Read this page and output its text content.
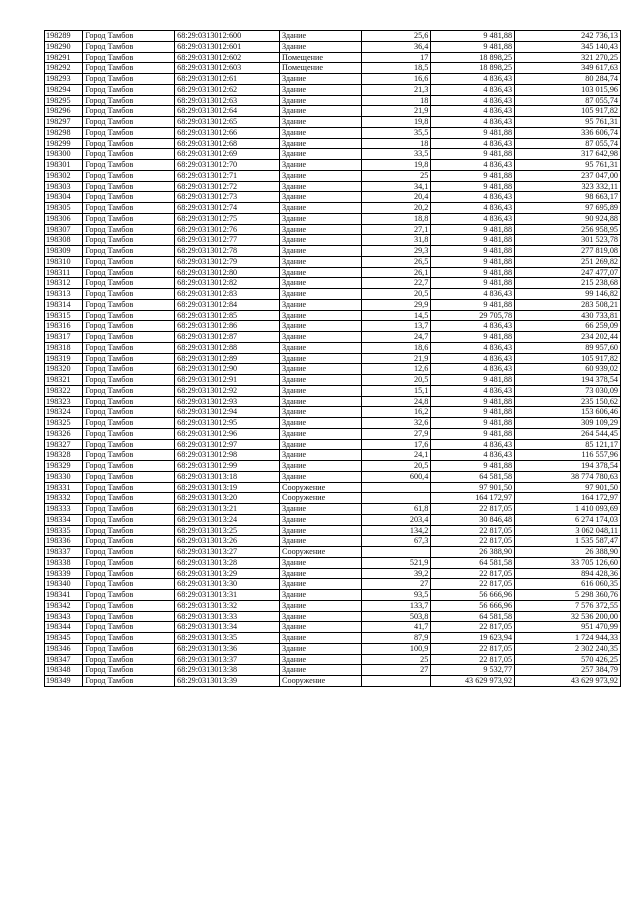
198289	Город Тамбов	68:29:0313012:600	Здание	25,6	9 481,88	242 736,13
198290	Город Тамбов	68:29:0313012:601	Здание	36,4	9 481,88	345 140,43
198291	Город Тамбов	68:29:0313012:602	Помещение	17	18 898,25	321 270,25
198292	Город Тамбов	68:29:0313012:603	Помещение	18,5	18 898,25	349 617,63
198293	Город Тамбов	68:29:0313012:61	Здание	16,6	4 836,43	80 284,74
198294	Город Тамбов	68:29:0313012:62	Здание	21,3	4 836,43	103 015,96
198295	Город Тамбов	68:29:0313012:63	Здание	18	4 836,43	87 055,74
198296	Город Тамбов	68:29:0313012:64	Здание	21,9	4 836,43	105 917,82
198297	Город Тамбов	68:29:0313012:65	Здание	19,8	4 836,43	95 761,31
198298	Город Тамбов	68:29:0313012:66	Здание	35,5	9 481,88	336 606,74
198299	Город Тамбов	68:29:0313012:68	Здание	18	4 836,43	87 055,74
198300	Город Тамбов	68:29:0313012:69	Здание	33,5	9 481,88	317 642,98
198301	Город Тамбов	68:29:0313012:70	Здание	19,8	4 836,43	95 761,31
198302	Город Тамбов	68:29:0313012:71	Здание	25	9 481,88	237 047,00
198303	Город Тамбов	68:29:0313012:72	Здание	34,1	9 481,88	323 332,11
198304	Город Тамбов	68:29:0313012:73	Здание	20,4	4 836,43	98 663,17
198305	Город Тамбов	68:29:0313012:74	Здание	20,2	4 836,43	97 695,89
198306	Город Тамбов	68:29:0313012:75	Здание	18,8	4 836,43	90 924,88
198307	Город Тамбов	68:29:0313012:76	Здание	27,1	9 481,88	256 958,95
198308	Город Тамбов	68:29:0313012:77	Здание	31,8	9 481,88	301 523,78
198309	Город Тамбов	68:29:0313012:78	Здание	29,3	9 481,88	277 819,08
198310	Город Тамбов	68:29:0313012:79	Здание	26,5	9 481,88	251 269,82
198311	Город Тамбов	68:29:0313012:80	Здание	26,1	9 481,88	247 477,07
198312	Город Тамбов	68:29:0313012:82	Здание	22,7	9 481,88	215 238,68
198313	Город Тамбов	68:29:0313012:83	Здание	20,5	4 836,43	99 146,82
198314	Город Тамбов	68:29:0313012:84	Здание	29,9	9 481,88	283 508,21
198315	Город Тамбов	68:29:0313012:85	Здание	14,5	29 705,78	430 733,81
198316	Город Тамбов	68:29:0313012:86	Здание	13,7	4 836,43	66 259,09
198317	Город Тамбов	68:29:0313012:87	Здание	24,7	9 481,88	234 202,44
198318	Город Тамбов	68:29:0313012:88	Здание	18,6	4 836,43	89 957,60
198319	Город Тамбов	68:29:0313012:89	Здание	21,9	4 836,43	105 917,82
198320	Город Тамбов	68:29:0313012:90	Здание	12,6	4 836,43	60 939,02
198321	Город Тамбов	68:29:0313012:91	Здание	20,5	9 481,88	194 378,54
198322	Город Тамбов	68:29:0313012:92	Здание	15,1	4 836,43	73 030,09
198323	Город Тамбов	68:29:0313012:93	Здание	24,8	9 481,88	235 150,62
198324	Город Тамбов	68:29:0313012:94	Здание	16,2	9 481,88	153 606,46
198325	Город Тамбов	68:29:0313012:95	Здание	32,6	9 481,88	309 109,29
198326	Город Тамбов	68:29:0313012:96	Здание	27,9	9 481,88	264 544,45
198327	Город Тамбов	68:29:0313012:97	Здание	17,6	4 836,43	85 121,17
198328	Город Тамбов	68:29:0313012:98	Здание	24,1	4 836,43	116 557,96
198329	Город Тамбов	68:29:0313012:99	Здание	20,5	9 481,88	194 378,54
198330	Город Тамбов	68:29:0313013:18	Здание	600,4	64 581,58	38 774 780,63
198331	Город Тамбов	68:29:0313013:19	Сооружение		97 901,50	97 901,50
198332	Город Тамбов	68:29:0313013:20	Сооружение		164 172,97	164 172,97
198333	Город Тамбов	68:29:0313013:21	Здание	61,8	22 817,05	1 410 093,69
198334	Город Тамбов	68:29:0313013:24	Здание	203,4	30 846,48	6 274 174,03
198335	Город Тамбов	68:29:0313013:25	Здание	134,2	22 817,05	3 062 048,11
198336	Город Тамбов	68:29:0313013:26	Здание	67,3	22 817,05	1 535 587,47
198337	Город Тамбов	68:29:0313013:27	Сооружение		26 388,90	26 388,90
198338	Город Тамбов	68:29:0313013:28	Здание	521,9	64 581,58	33 705 126,60
198339	Город Тамбов	68:29:0313013:29	Здание	39,2	22 817,05	894 428,36
198340	Город Тамбов	68:29:0313013:30	Здание	27	22 817,05	616 060,35
198341	Город Тамбов	68:29:0313013:31	Здание	93,5	56 666,96	5 298 360,76
198342	Город Тамбов	68:29:0313013:32	Здание	133,7	56 666,96	7 576 372,55
198343	Город Тамбов	68:29:0313013:33	Здание	503,8	64 581,58	32 536 200,00
198344	Город Тамбов	68:29:0313013:34	Здание	41,7	22 817,05	951 470,99
198345	Город Тамбов	68:29:0313013:35	Здание	87,9	19 623,94	1 724 944,33
198346	Город Тамбов	68:29:0313013:36	Здание	100,9	22 817,05	2 302 240,35
198347	Город Тамбов	68:29:0313013:37	Здание	25	22 817,05	570 426,25
198348	Город Тамбов	68:29:0313013:38	Здание	27	9 532,77	257 384,79
198349	Город Тамбов	68:29:0313013:39	Сооружение		43 629 973,92	43 629 973,92
